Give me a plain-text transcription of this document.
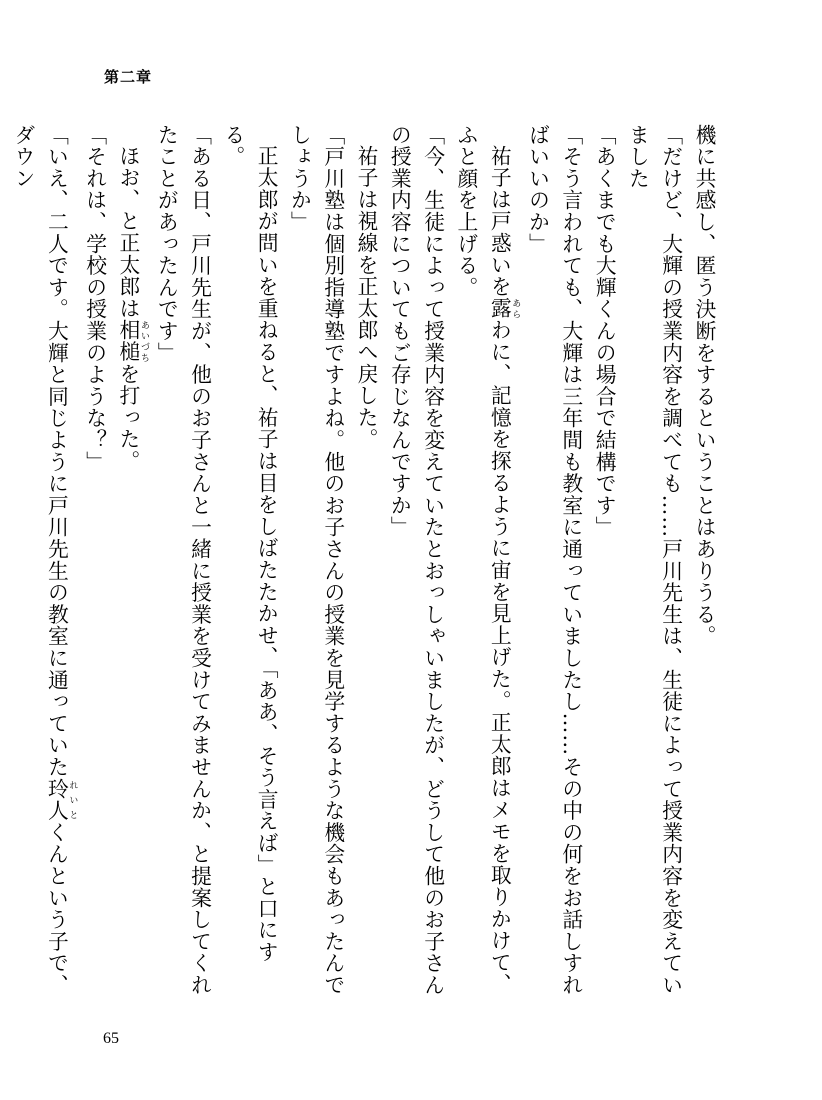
第二章

機に共感し、匿う決断をするということはありうる。

「だけど、大輝の授業内容を調べても……戸川先生は、生徒によって授業内容を変えていました

「あくまでも大輝くんの場合で結構です」

「そう言われても、大輝は三年間も教室に通っていましたし……その中の何をお話しすればいいのか」

祐子は戸惑いを露 あらわに、記憶を探るように宙を見上げた。正太郎はメモを取りかけて、ふと顔を上げる。

「今、生徒によって授業内容を変えていたとおっしゃいましたが、どうして他のお子さんの授業内容についてもご存じなんですか」

祐子は視線を正太郎へ戻した。

「戸川塾は個別指導塾ですよね。他のお子さんの授業を見学するような機会もあったんでしょうか」

正太郎が問いを重ねると、祐子は目をしばたたかせ、「ああ、そう言えば」と口にする。

「ある日、戸川先生が、他のお子さんと一緒に授業を受けてみませんか、と提案してくれたことがあったんです」

ほお、と正太郎は相槌 あいづちを打った。

「それは、学校の授業のような？」

「いえ、二人です。大輝と同じように戸川先生の教室に通っていた玲人 れいとくんという子で、ダウン

65
